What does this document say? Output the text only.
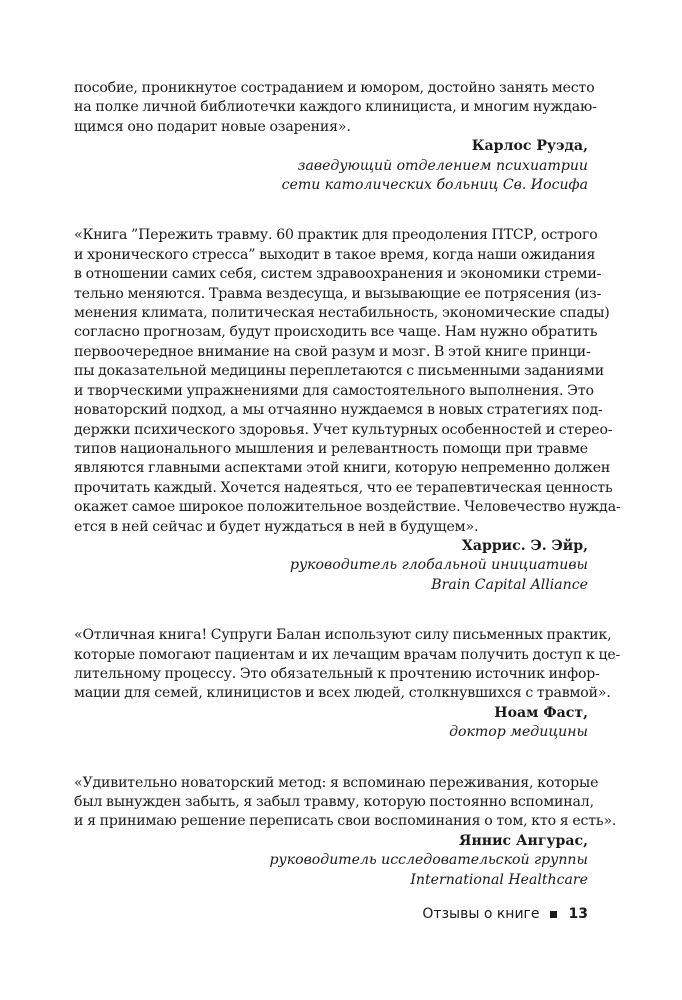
пособие, проникнутое состраданием и юмором, достойно занять место
на полке личной библиотечки каждого клинициста, и многим нуждаю-
щимся оно подарит новые озарения».

Карлос Руэда,
заведующий отделением психиатрии
сети католических больниц Св. Иосифа

«Книга ”Пережить травму. 60 практик для преодоления ПТСР, острого
и хронического стресса” выходит в такое время, когда наши ожидания
в отношении самих себя, систем здравоохранения и экономики стреми-
тельно меняются. Травма вездесуща, и вызывающие ее потрясения (из-
менения климата, политическая нестабильность, экономические спады)
согласно прогнозам, будут происходить все чаще. Нам нужно обратить
первоочередное внимание на свой разум и мозг. В этой книге принци-
пы доказательной медицины переплетаются с письменными заданиями
и творческими упражнениями для самостоятельного выполнения. Это
новаторский подход, а мы отчаянно нуждаемся в новых стратегиях под-
держки психического здоровья. Учет культурных особенностей и стерео-
типов национального мышления и релевантность помощи при травме
являются главными аспектами этой книги, которую непременно должен
прочитать каждый. Хочется надеяться, что ее терапевтическая ценность
окажет самое широкое положительное воздействие. Человечество нужда-
ется в ней сейчас и будет нуждаться в ней в будущем».

Харрис. Э. Эйр,
руководитель глобальной инициативы
Brain Capital Alliance

«Отличная книга! Супруги Балан используют силу письменных практик,
которые помогают пациентам и их лечащим врачам получить доступ к це-
лительному процессу. Это обязательный к прочтению источник инфор-
мации для семей, клиницистов и всех людей, столкнувшихся с травмой».

Ноам Фаст,
доктор медицины

«Удивительно новаторский метод: я вспоминаю переживания, которые
был вынужден забыть, я забыл травму, которую постоянно вспоминал,
и я принимаю решение переписать свои воспоминания о том, кто я есть».

Яннис Ангурас,
руководитель исследовательской группы
International Healthcare
Отзывы о книге 13
